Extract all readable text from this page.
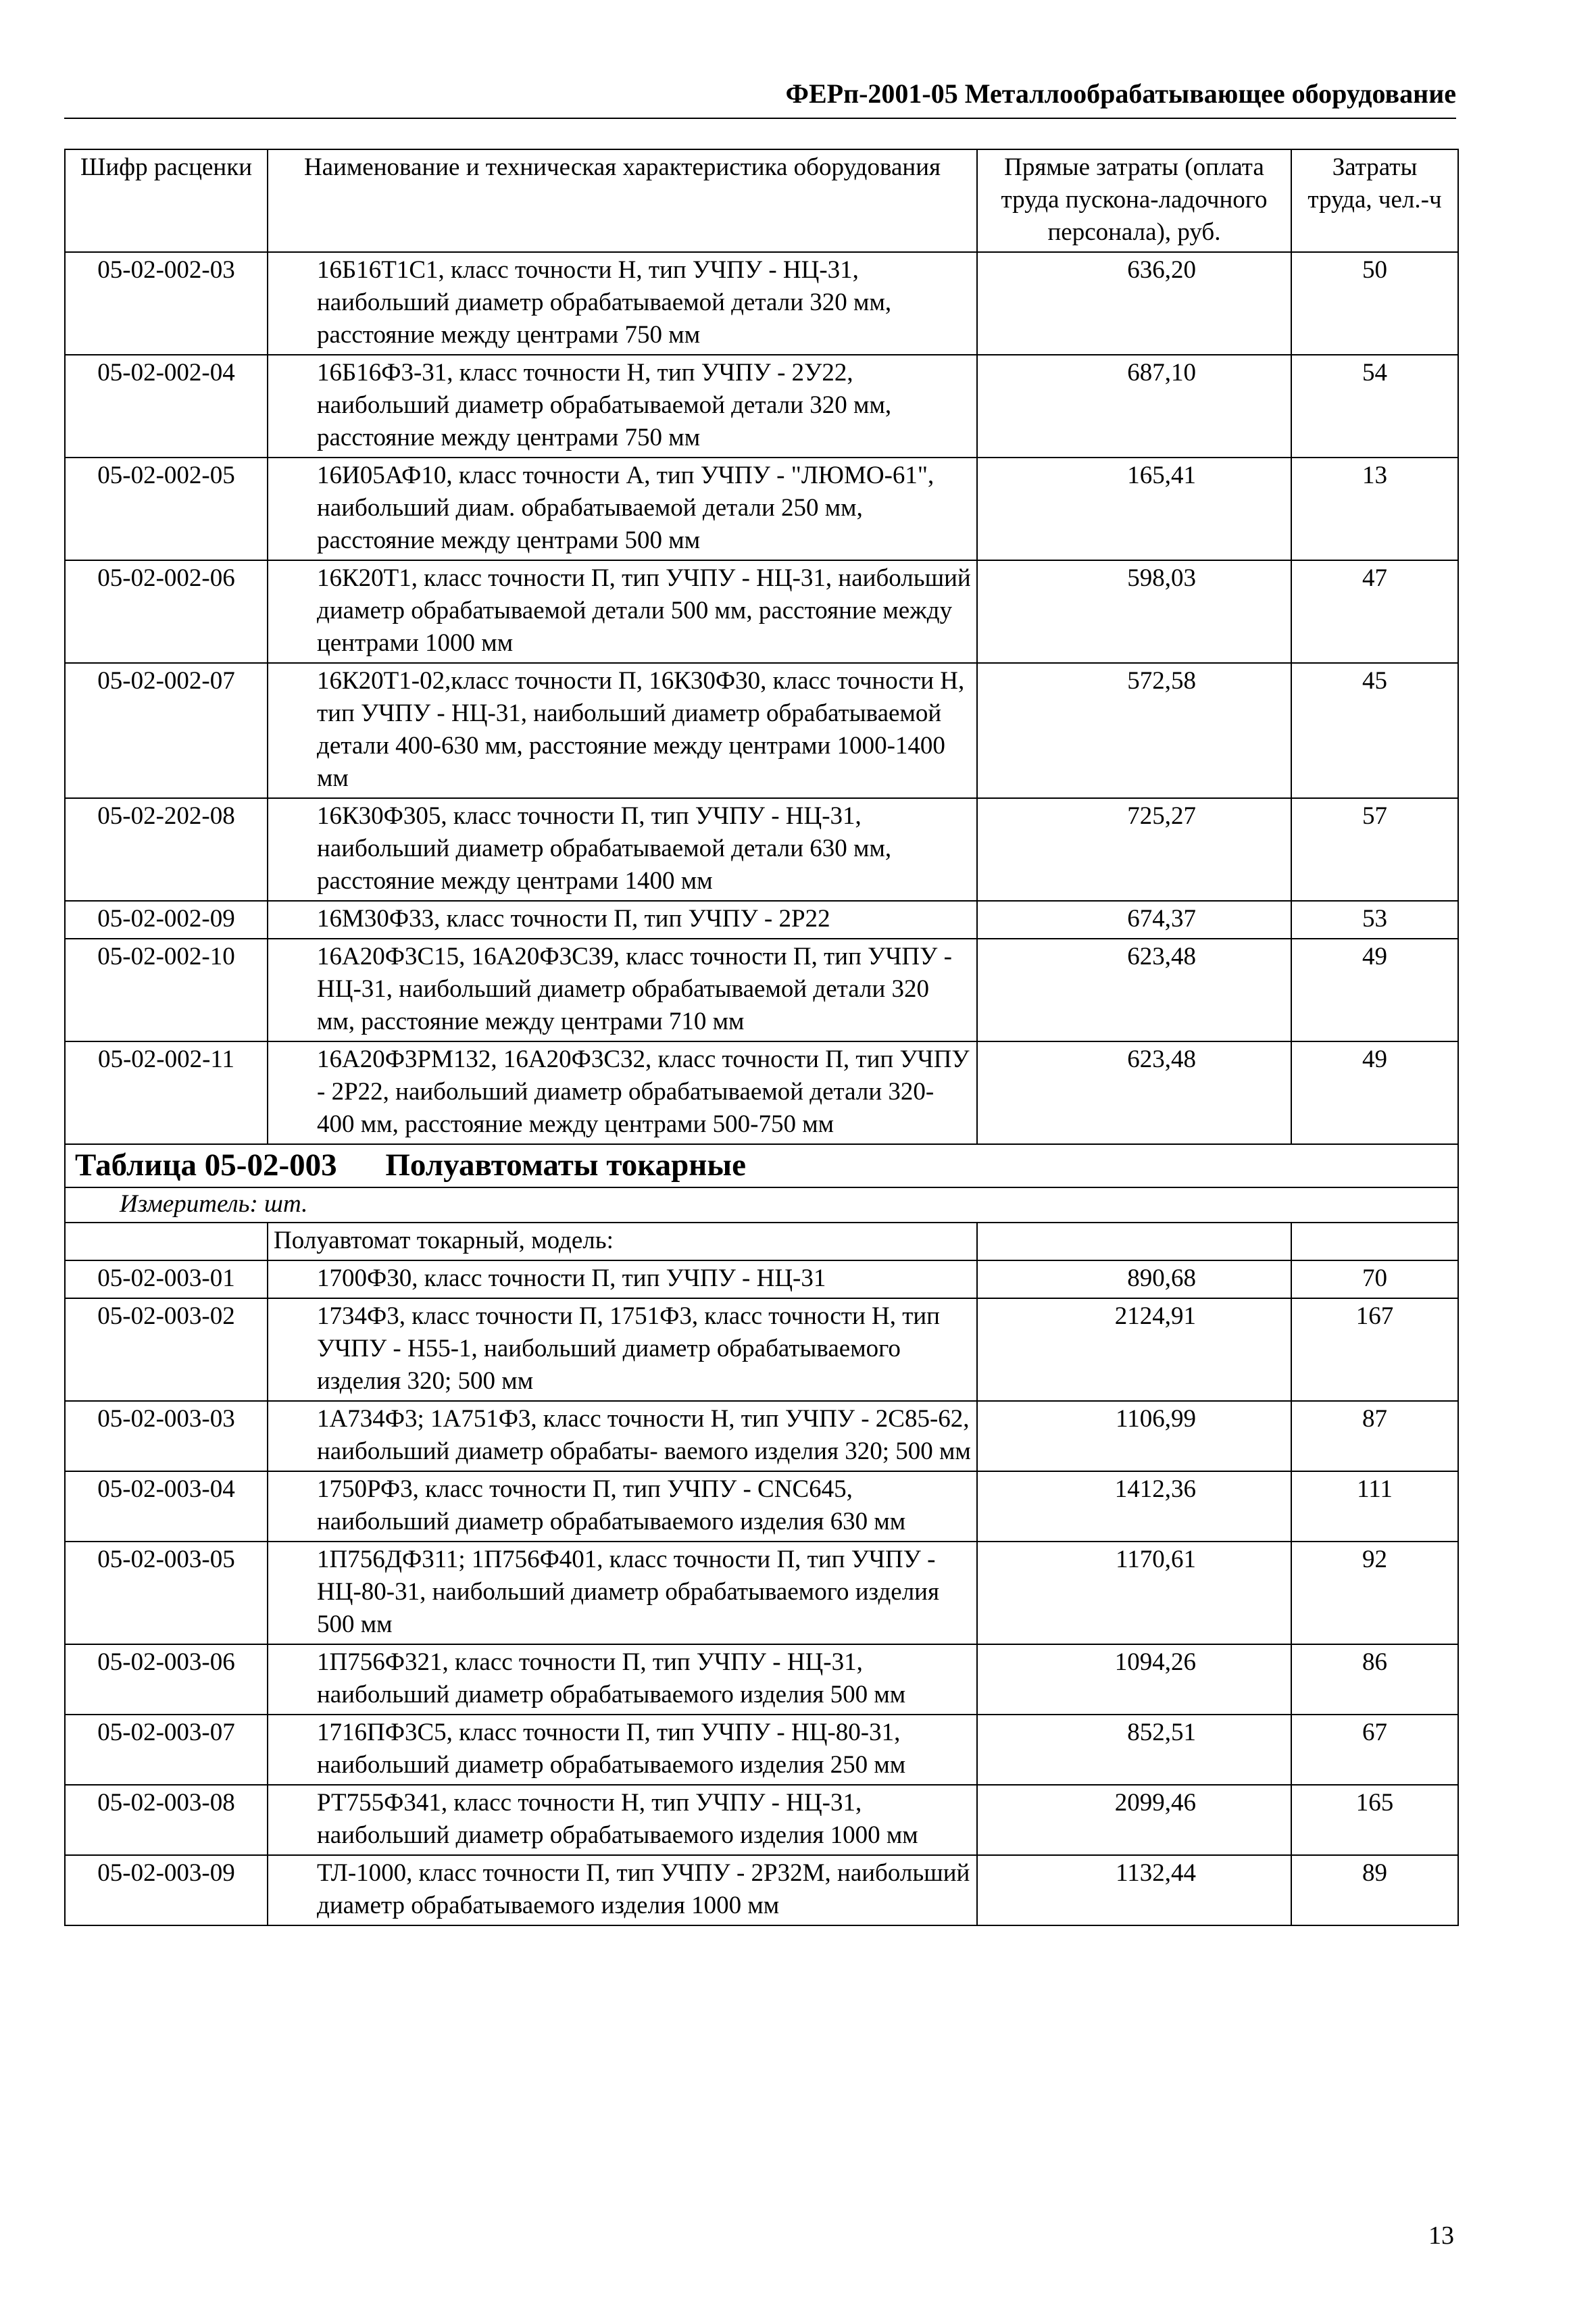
ФЕРп-2001-05 Металлообрабатывающее оборудование
Шифр расценки	Наименование и техническая характеристика оборудования	Прямые затраты (оплата труда пускона-ладочного персонала), руб.	Затраты труда, чел.-ч
05-02-002-03	16Б16Т1С1, класс точности Н, тип УЧПУ - НЦ-31, наибольший диаметр обрабатываемой детали 320 мм, расстояние между центрами 750 мм	636,20	50
05-02-002-04	16Б16Ф3-31, класс точности Н, тип УЧПУ - 2У22, наибольший диаметр обрабатываемой детали 320 мм, расстояние между центрами 750 мм	687,10	54
05-02-002-05	16И05АФ10, класс точности А, тип УЧПУ - "ЛЮМО-61", наибольший диам. обрабатываемой детали 250 мм, расстояние между центрами 500 мм	165,41	13
05-02-002-06	16К20Т1, класс точности П, тип УЧПУ - НЦ-31, наибольший диаметр обрабатываемой детали 500 мм, расстояние между центрами 1000 мм	598,03	47
05-02-002-07	16К20Т1-02,класс точности П, 16К30Ф30, класс точности Н, тип УЧПУ - НЦ-31, наибольший диаметр обрабатываемой детали 400-630 мм, расстояние между центрами 1000-1400 мм	572,58	45
05-02-202-08	16К30Ф305, класс точности П, тип УЧПУ - НЦ-31, наибольший диаметр обрабатываемой детали 630 мм, расстояние между центрами 1400 мм	725,27	57
05-02-002-09	16М30Ф33, класс точности П, тип УЧПУ - 2Р22	674,37	53
05-02-002-10	16А20Ф3С15, 16А20Ф3С39, класс точности П, тип УЧПУ - НЦ-31, наибольший диаметр обрабатываемой детали 320 мм, расстояние между центрами 710 мм	623,48	49
05-02-002-11	16А20Ф3РМ132, 16А20Ф3С32, класс точности П, тип УЧПУ - 2Р22, наибольший диаметр обрабатываемой детали 320-400 мм, расстояние между центрами 500-750 мм	623,48	49
Таблица 05-02-003 Полуавтоматы токарные			
Измеритель: шт.			
	Полуавтомат токарный, модель:		
05-02-003-01	1700Ф30, класс точности П, тип УЧПУ - НЦ-31	890,68	70
05-02-003-02	1734Ф3, класс точности П, 1751Ф3, класс точности Н, тип УЧПУ - Н55-1, наибольший диаметр обрабатываемого изделия 320; 500 мм	2124,91	167
05-02-003-03	1А734Ф3; 1А751Ф3, класс точности Н, тип УЧПУ - 2С85-62, наибольший диаметр обрабаты- ваемого изделия 320; 500 мм	1106,99	87
05-02-003-04	1750РФ3, класс точности П, тип УЧПУ - CNC645, наибольший диаметр обрабатываемого изделия 630 мм	1412,36	111
05-02-003-05	1П756ДФ311; 1П756Ф401, класс точности П, тип УЧПУ - НЦ-80-31, наибольший диаметр обрабатываемого изделия 500 мм	1170,61	92
05-02-003-06	1П756Ф321, класс точности П, тип УЧПУ - НЦ-31, наибольший диаметр обрабатываемого изделия 500 мм	1094,26	86
05-02-003-07	1716ПФ3С5, класс точности П, тип УЧПУ - НЦ-80-31, наибольший диаметр обрабатываемого изделия 250 мм	852,51	67
05-02-003-08	РТ755Ф341, класс точности Н, тип УЧПУ - НЦ-31, наибольший диаметр обрабатываемого изделия 1000 мм	2099,46	165
05-02-003-09	ТЛ-1000, класс точности П, тип УЧПУ - 2Р32М, наибольший диаметр обрабатываемого изделия 1000 мм	1132,44	89
13
